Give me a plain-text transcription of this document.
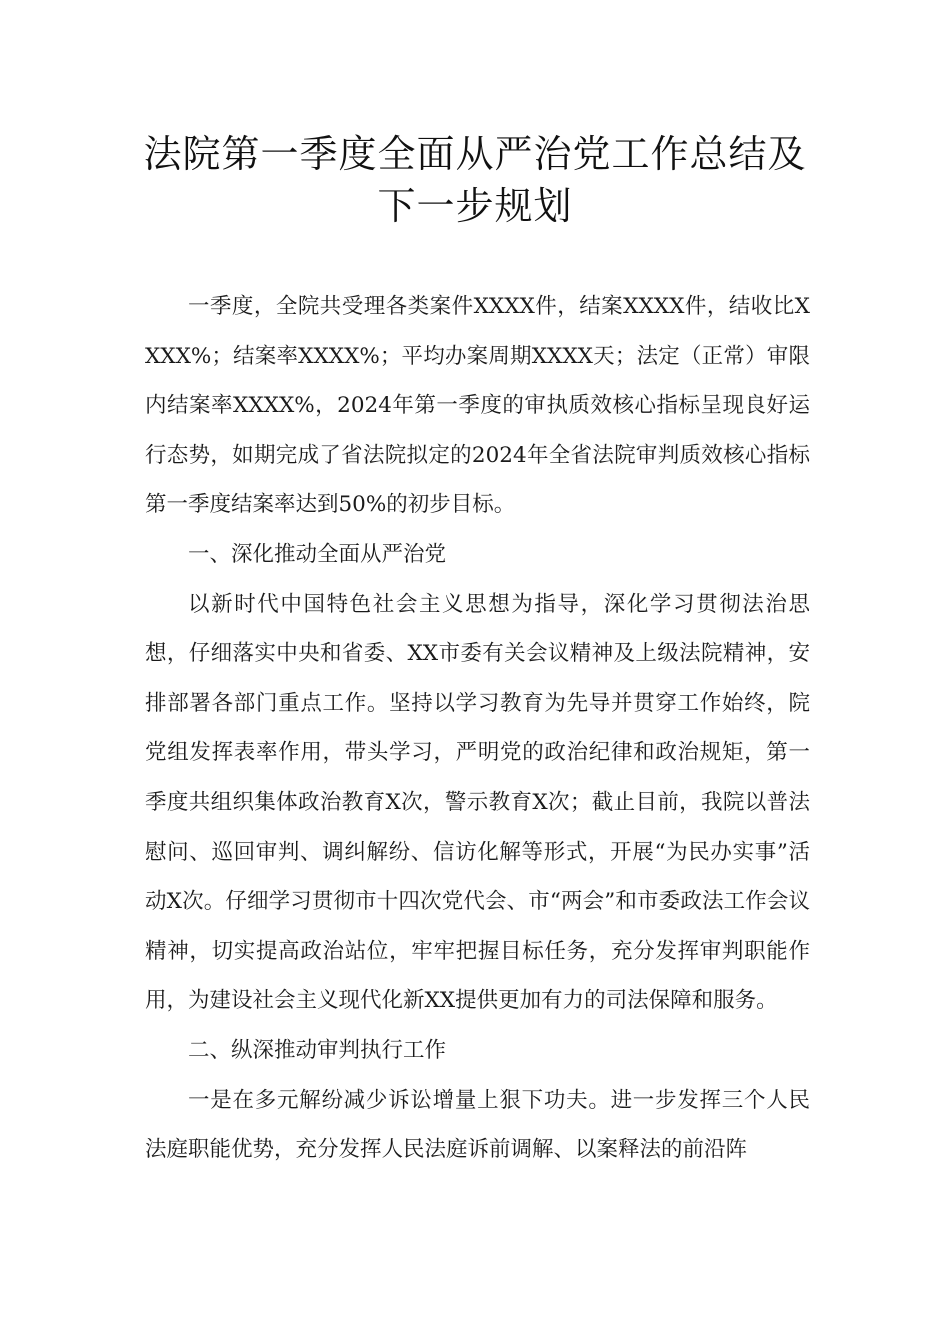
法院第一季度全面从严治党工作总结及
下一步规划

一季度，全院共受理各类案件XXXX件，结案XXXX件，结收比XXXX%；结案率XXXX%；平均办案周期XXXX天；法定（正常）审限内结案率XXXX%，2024年第一季度的审执质效核心指标呈现良好运行态势，如期完成了省法院拟定的2024年全省法院审判质效核心指标第一季度结案率达到50%的初步目标。

一、深化推动全面从严治党

以新时代中国特色社会主义思想为指导，深化学习贯彻法治思想，仔细落实中央和省委、XX市委有关会议精神及上级法院精神，安排部署各部门重点工作。坚持以学习教育为先导并贯穿工作始终，院党组发挥表率作用，带头学习，严明党的政治纪律和政治规矩，第一季度共组织集体政治教育X次，警示教育X次；截止目前，我院以普法慰问、巡回审判、调纠解纷、信访化解等形式，开展“为民办实事”活动X次。仔细学习贯彻市十四次党代会、市“两会”和市委政法工作会议精神，切实提高政治站位，牢牢把握目标任务，充分发挥审判职能作用，为建设社会主义现代化新XX提供更加有力的司法保障和服务。

二、纵深推动审判执行工作

一是在多元解纷减少诉讼增量上狠下功夫。进一步发挥三个人民法庭职能优势，充分发挥人民法庭诉前调解、以案释法的前沿阵
